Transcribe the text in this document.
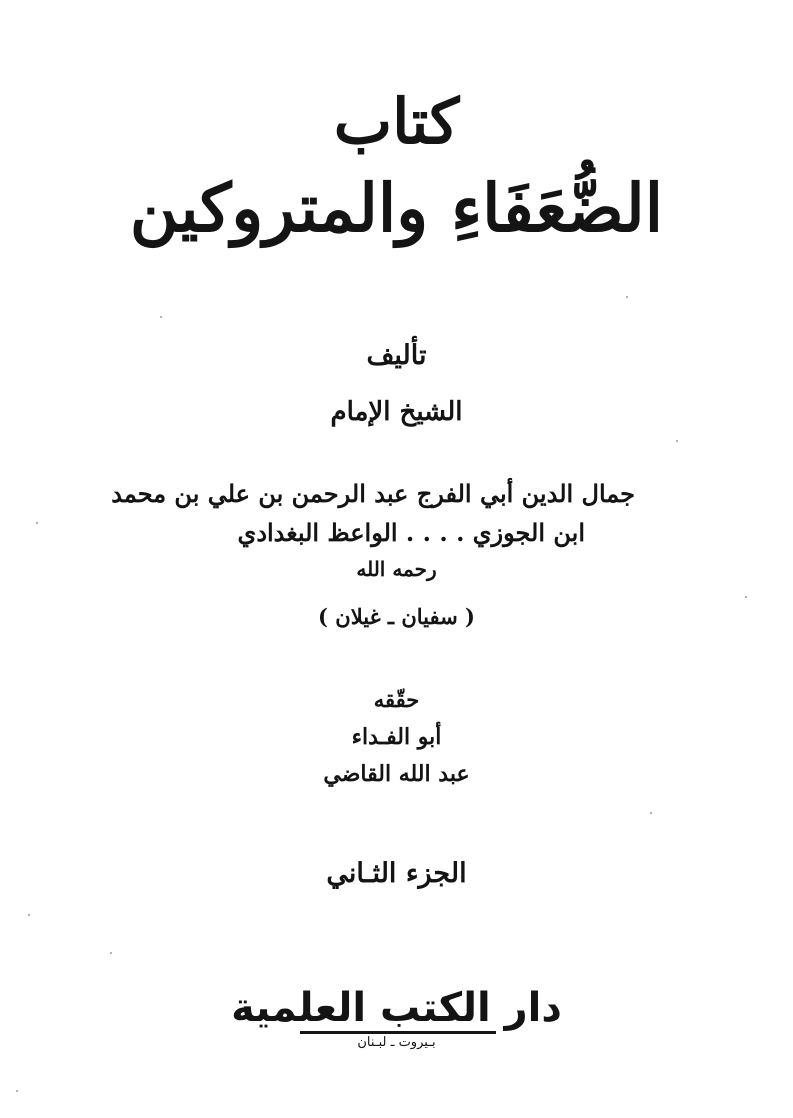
كتاب
الضُّعَفَاءِ والمتروكين
تأليف
الشيخ الإمام
جمال الدين أبي الفرج عبد الرحمن بن علي بن محمد
ابن الجوزي . . . . الواعظ البغدادي
رحمه الله
( سفيان ـ غيلان )
حقّقه
أبو الفـداء
عبد الله القاضي
الجزء الثـاني
دار الكتب العلمية
بـيروت ـ لبـنان
